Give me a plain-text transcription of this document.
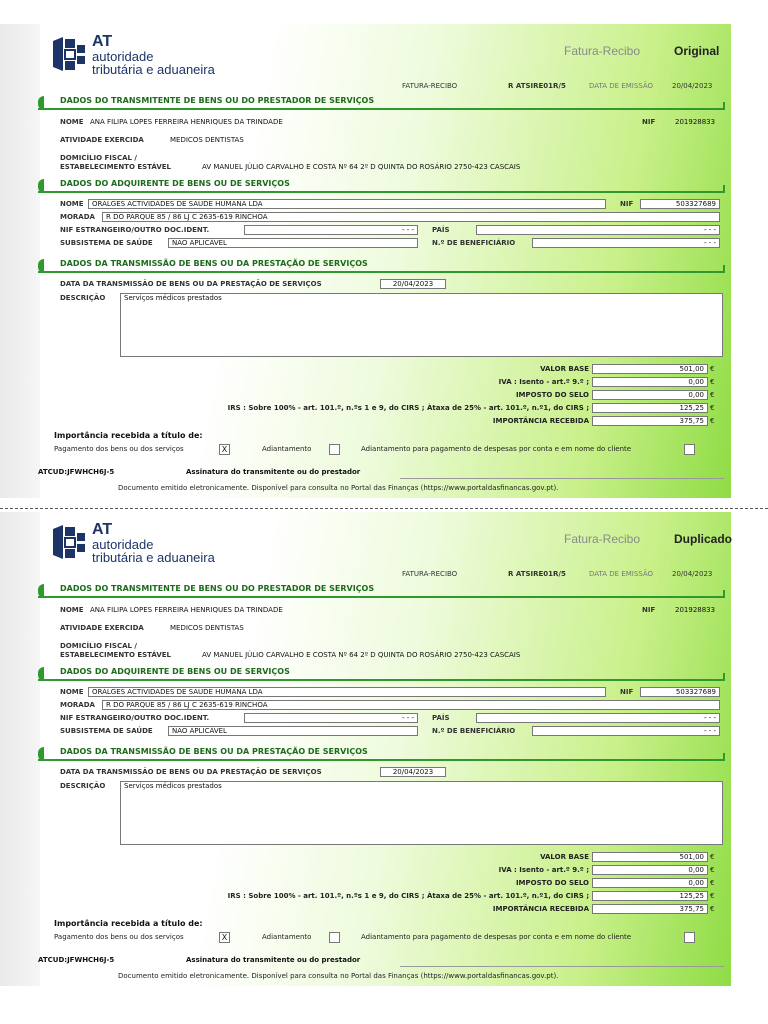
AT
autoridade
tributária e aduaneira
Fatura-Recibo	Original
FATURA-RECIBO	R ATSIRE01R/5	DATA DE EMISSÃO	20/04/2023
DADOS DO TRANSMITENTE DE BENS OU DO PRESTADOR DE SERVIÇOS
NOME ANA FILIPA LOPES FERREIRA HENRIQUES DA TRINDADE	NIF	201928833
ATIVIDADE EXERCIDA	MEDICOS DENTISTAS
DOMICÍLIO FISCAL /
ESTABELECIMENTO ESTÁVEL	AV MANUEL JÚLIO CARVALHO E COSTA Nº 64 2º D QUINTA DO ROSÁRIO 2750-423 CASCAIS
DADOS DO ADQUIRENTE DE BENS OU DE SERVIÇOS
NOME	ORALGES ACTIVIDADES DE SAUDE HUMANA LDA	NIF	503327689
MORADA	R DO PARQUE 85 / 86 LJ C 2635-619 RINCHOA
NIF ESTRANGEIRO/OUTRO DOC.IDENT.	- - -	PAÍS	- - -
SUBSISTEMA DE SAÚDE	NÃO APLICÁVEL	N.º DE BENEFICIÁRIO	- - -
DADOS DA TRANSMISSÃO DE BENS OU DA PRESTAÇÃO DE SERVIÇOS
DATA DA TRANSMISSÃO DE BENS OU DA PRESTAÇÃO DE SERVIÇOS	20/04/2023
DESCRIÇÃO	Serviços médicos prestados
VALOR BASE	501,00 €
IVA : Isento - art.º 9.º ;	0,00 €
IMPOSTO DO SELO	0,00 €
IRS : Sobre 100% - art. 101.º, n.ºs 1 e 9, do CIRS ; Àtaxa de 25% - art. 101.º, n.º1, do CIRS ;	125,25 €
IMPORTÂNCIA RECEBIDA	375,75 €
Importância recebida a título de:
Pagamento dos bens ou dos serviços	X	Adiantamento	Adiantamento para pagamento de despesas por conta e em nome do cliente
ATCUD:JFWHCH6J-5	Assinatura do transmitente ou do prestador
Documento emitido eletronicamente. Disponível para consulta no Portal das Finanças (https://www.portaldasfinancas.gov.pt).
AT
autoridade
tributária e aduaneira
Fatura-Recibo	Duplicado
FATURA-RECIBO	R ATSIRE01R/5	DATA DE EMISSÃO	20/04/2023
DADOS DO TRANSMITENTE DE BENS OU DO PRESTADOR DE SERVIÇOS
NOME ANA FILIPA LOPES FERREIRA HENRIQUES DA TRINDADE	NIF	201928833
ATIVIDADE EXERCIDA	MEDICOS DENTISTAS
DOMICÍLIO FISCAL /
ESTABELECIMENTO ESTÁVEL	AV MANUEL JÚLIO CARVALHO E COSTA Nº 64 2º D QUINTA DO ROSÁRIO 2750-423 CASCAIS
DADOS DO ADQUIRENTE DE BENS OU DE SERVIÇOS
NOME	ORALGES ACTIVIDADES DE SAUDE HUMANA LDA	NIF	503327689
MORADA	R DO PARQUE 85 / 86 LJ C 2635-619 RINCHOA
NIF ESTRANGEIRO/OUTRO DOC.IDENT.	- - -	PAÍS	- - -
SUBSISTEMA DE SAÚDE	NÃO APLICÁVEL	N.º DE BENEFICIÁRIO	- - -
DADOS DA TRANSMISSÃO DE BENS OU DA PRESTAÇÃO DE SERVIÇOS
DATA DA TRANSMISSÃO DE BENS OU DA PRESTAÇÃO DE SERVIÇOS	20/04/2023
DESCRIÇÃO	Serviços médicos prestados
VALOR BASE	501,00 €
IVA : Isento - art.º 9.º ;	0,00 €
IMPOSTO DO SELO	0,00 €
IRS : Sobre 100% - art. 101.º, n.ºs 1 e 9, do CIRS ; Àtaxa de 25% - art. 101.º, n.º1, do CIRS ;	125,25 €
IMPORTÂNCIA RECEBIDA	375,75 €
Importância recebida a título de:
Pagamento dos bens ou dos serviços	X	Adiantamento	Adiantamento para pagamento de despesas por conta e em nome do cliente
ATCUD:JFWHCH6J-5	Assinatura do transmitente ou do prestador
Documento emitido eletronicamente. Disponível para consulta no Portal das Finanças (https://www.portaldasfinancas.gov.pt).
